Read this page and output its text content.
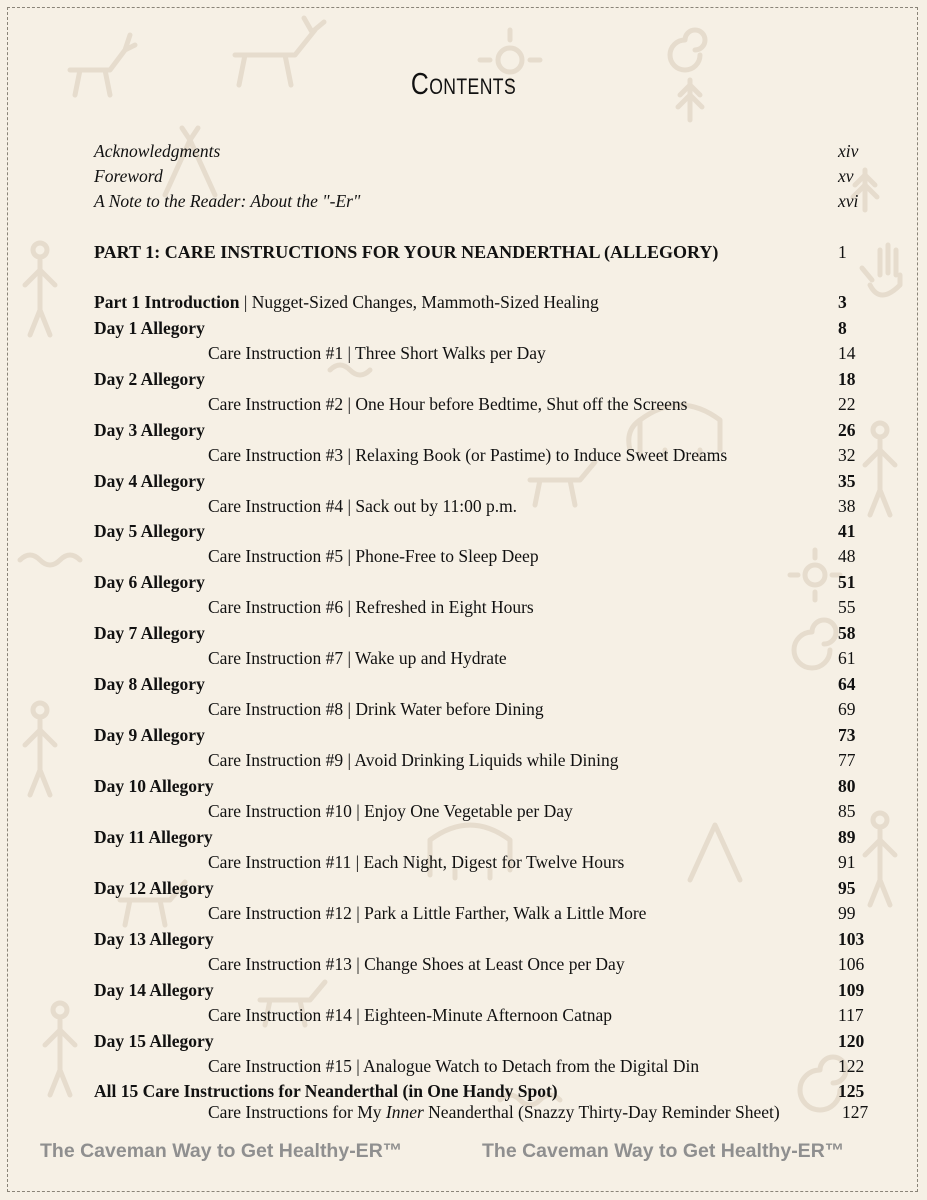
Contents
Acknowledgments	xiv
Foreword	xv
A Note to the Reader: About the "-Er"	xvi
PART 1: CARE INSTRUCTIONS FOR YOUR NEANDERTHAL (ALLEGORY)	1
Part 1 Introduction | Nugget-Sized Changes, Mammoth-Sized Healing	3
Day 1 Allegory	8
Care Instruction #1 | Three Short Walks per Day	14
Day 2 Allegory	18
Care Instruction #2 | One Hour before Bedtime, Shut off the Screens	22
Day 3 Allegory	26
Care Instruction #3 | Relaxing Book (or Pastime) to Induce Sweet Dreams	32
Day 4 Allegory	35
Care Instruction #4 | Sack out by 11:00 p.m.	38
Day 5 Allegory	41
Care Instruction #5 | Phone-Free to Sleep Deep	48
Day 6 Allegory	51
Care Instruction #6 | Refreshed in Eight Hours	55
Day 7 Allegory	58
Care Instruction #7 | Wake up and Hydrate	61
Day 8 Allegory	64
Care Instruction #8 | Drink Water before Dining	69
Day 9 Allegory	73
Care Instruction #9 | Avoid Drinking Liquids while Dining	77
Day 10 Allegory	80
Care Instruction #10 | Enjoy One Vegetable per Day	85
Day 11 Allegory	89
Care Instruction #11 | Each Night, Digest for Twelve Hours	91
Day 12 Allegory	95
Care Instruction #12 | Park a Little Farther, Walk a Little More	99
Day 13 Allegory	103
Care Instruction #13 | Change Shoes at Least Once per Day	106
Day 14 Allegory	109
Care Instruction #14 | Eighteen-Minute Afternoon Catnap	117
Day 15 Allegory	120
Care Instruction #15 | Analogue Watch to Detach from the Digital Din	122
All 15 Care Instructions for Neanderthal (in One Handy Spot)	125
Care Instructions for My Inner Neanderthal (Snazzy Thirty-Day Reminder Sheet)	127
The Caveman Way to Get Healthy-ER™	The Caveman Way to Get Healthy-ER™
